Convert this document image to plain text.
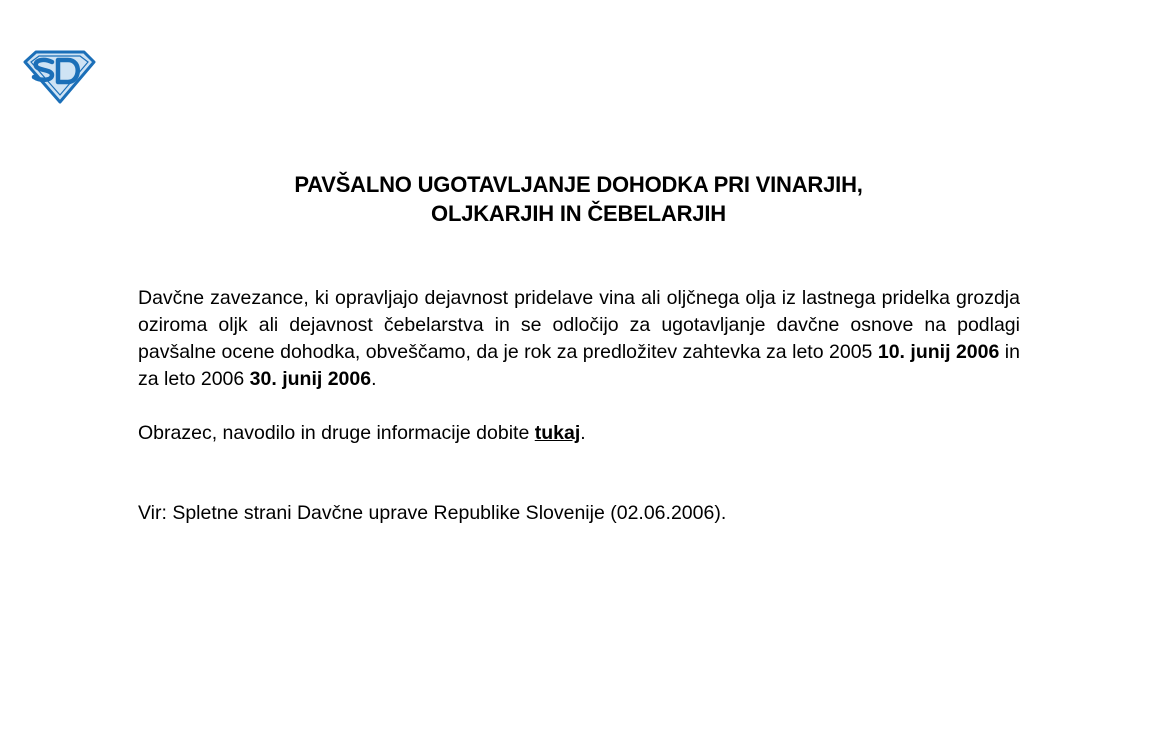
PAVŠALNO UGOTAVLJANJE DOHODKA PRI VINARJIH,
OLJKARJIH IN ČEBELARJIH
Davčne zavezance, ki opravljajo dejavnost pridelave vina ali oljčnega olja iz lastnega pridelka grozdja oziroma oljk ali dejavnost čebelarstva in se odločijo za ugotavljanje davčne osnove na podlagi pavšalne ocene dohodka, obveščamo, da je rok za predložitev zahtevka za leto 2005 10. junij 2006 in za leto 2006 30. junij 2006.
Obrazec, navodilo in druge informacije dobite tukaj.
Vir: Spletne strani Davčne uprave Republike Slovenije (02.06.2006).
